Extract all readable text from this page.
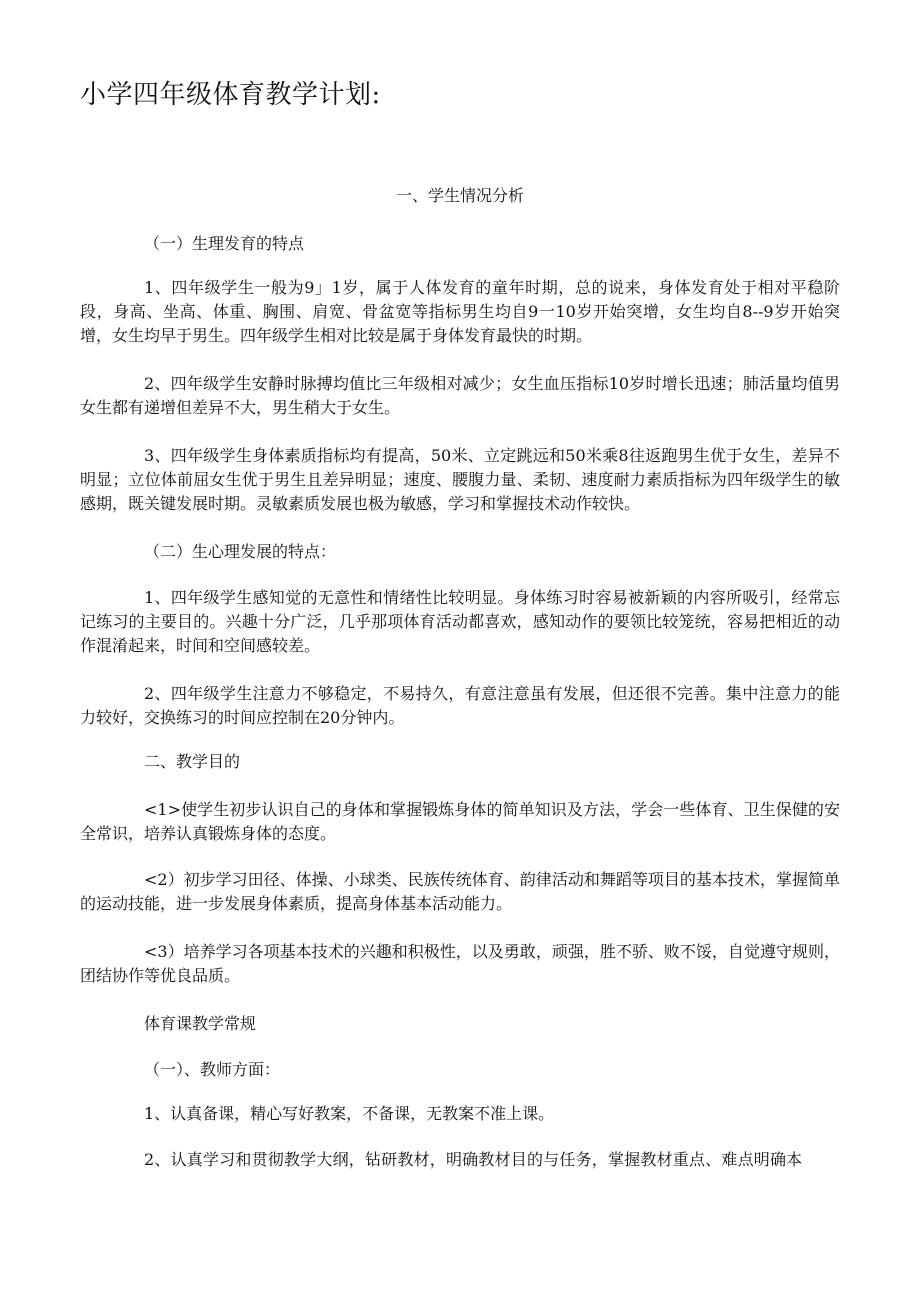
小学四年级体育教学计划:

一、学生情况分析

（一）生理发育的特点

1、四年级学生一般为9」1岁，属于人体发育的童年时期，总的说来，身体发育处于相对平稳阶段，身高、坐高、体重、胸围、肩宽、骨盆宽等指标男生均自9一10岁开始突增，女生均自8--9岁开始突增，女生均早于男生。四年级学生相对比较是属于身体发育最快的时期。

2、四年级学生安静时脉搏均值比三年级相对减少；女生血压指标10岁时增长迅速；肺活量均值男女生都有递增但差异不大，男生稍大于女生。

3、四年级学生身体素质指标均有提高，50米、立定跳远和50米乘8往返跑男生优于女生，差异不明显；立位体前屈女生优于男生且差异明显；速度、腰腹力量、柔韧、速度耐力素质指标为四年级学生的敏感期，既关键发展时期。灵敏素质发展也极为敏感，学习和掌握技术动作较快。

（二）生心理发展的特点：

1、四年级学生感知觉的无意性和情绪性比较明显。身体练习时容易被新颖的内容所吸引，经常忘记练习的主要目的。兴趣十分广泛，几乎那项体育活动都喜欢，感知动作的要领比较笼统，容易把相近的动作混淆起来，时间和空间感较差。

2、四年级学生注意力不够稳定，不易持久，有意注意虽有发展，但还很不完善。集中注意力的能力较好，交换练习的时间应控制在20分钟内。

二、教学目的

<1>使学生初步认识自己的身体和掌握锻炼身体的简单知识及方法，学会一些体育、卫生保健的安全常识，培养认真锻炼身体的态度。

<2）初步学习田径、体操、小球类、民族传统体育、韵律活动和舞蹈等项目的基本技术，掌握简单的运动技能，进一步发展身体素质，提高身体基本活动能力。

<3）培养学习各项基本技术的兴趣和积极性，以及勇敢，顽强，胜不骄、败不馁，自觉遵守规则，团结协作等优良品质。

体育课教学常规

（一）、教师方面：

1、认真备课，精心写好教案，不备课，无教案不准上课。

2、认真学习和贯彻教学大纲，钻研教材，明确教材目的与任务，掌握教材重点、难点明确本
